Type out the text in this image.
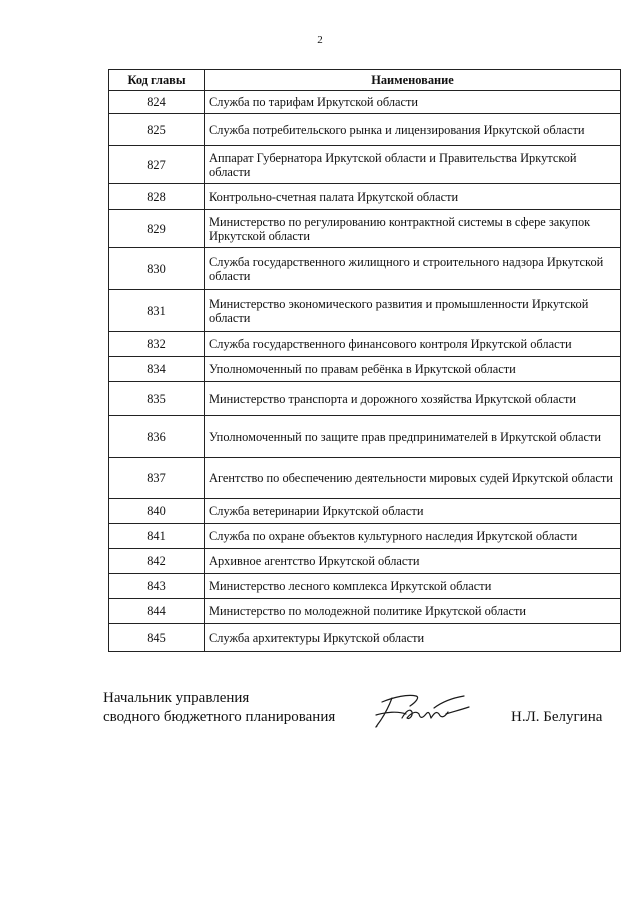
2
Код главы	Наименование
824	Служба по тарифам Иркутской области
825	Служба потребительского рынка и лицензирования Иркутской области
827	Аппарат Губернатора Иркутской области и Правительства Иркутской области
828	Контрольно-счетная палата Иркутской области
829	Министерство по регулированию контрактной системы в сфере закупок Иркутской области
830	Служба государственного жилищного и строительного надзора Иркутской области
831	Министерство экономического развития и промышленности Иркутской области
832	Служба государственного финансового контроля Иркутской области
834	Уполномоченный по правам ребёнка в Иркутской области
835	Министерство транспорта и дорожного хозяйства Иркутской области
836	Уполномоченный по защите прав предпринимателей в Иркутской области
837	Агентство по обеспечению деятельности мировых судей Иркутской области
840	Служба ветеринарии Иркутской области
841	Служба по охране объектов культурного наследия Иркутской области
842	Архивное агентство Иркутской области
843	Министерство лесного комплекса Иркутской области
844	Министерство по молодежной политике Иркутской области
845	Служба архитектуры Иркутской области
Начальник управления
сводного бюджетного планирования	Н.Л. Белугина
